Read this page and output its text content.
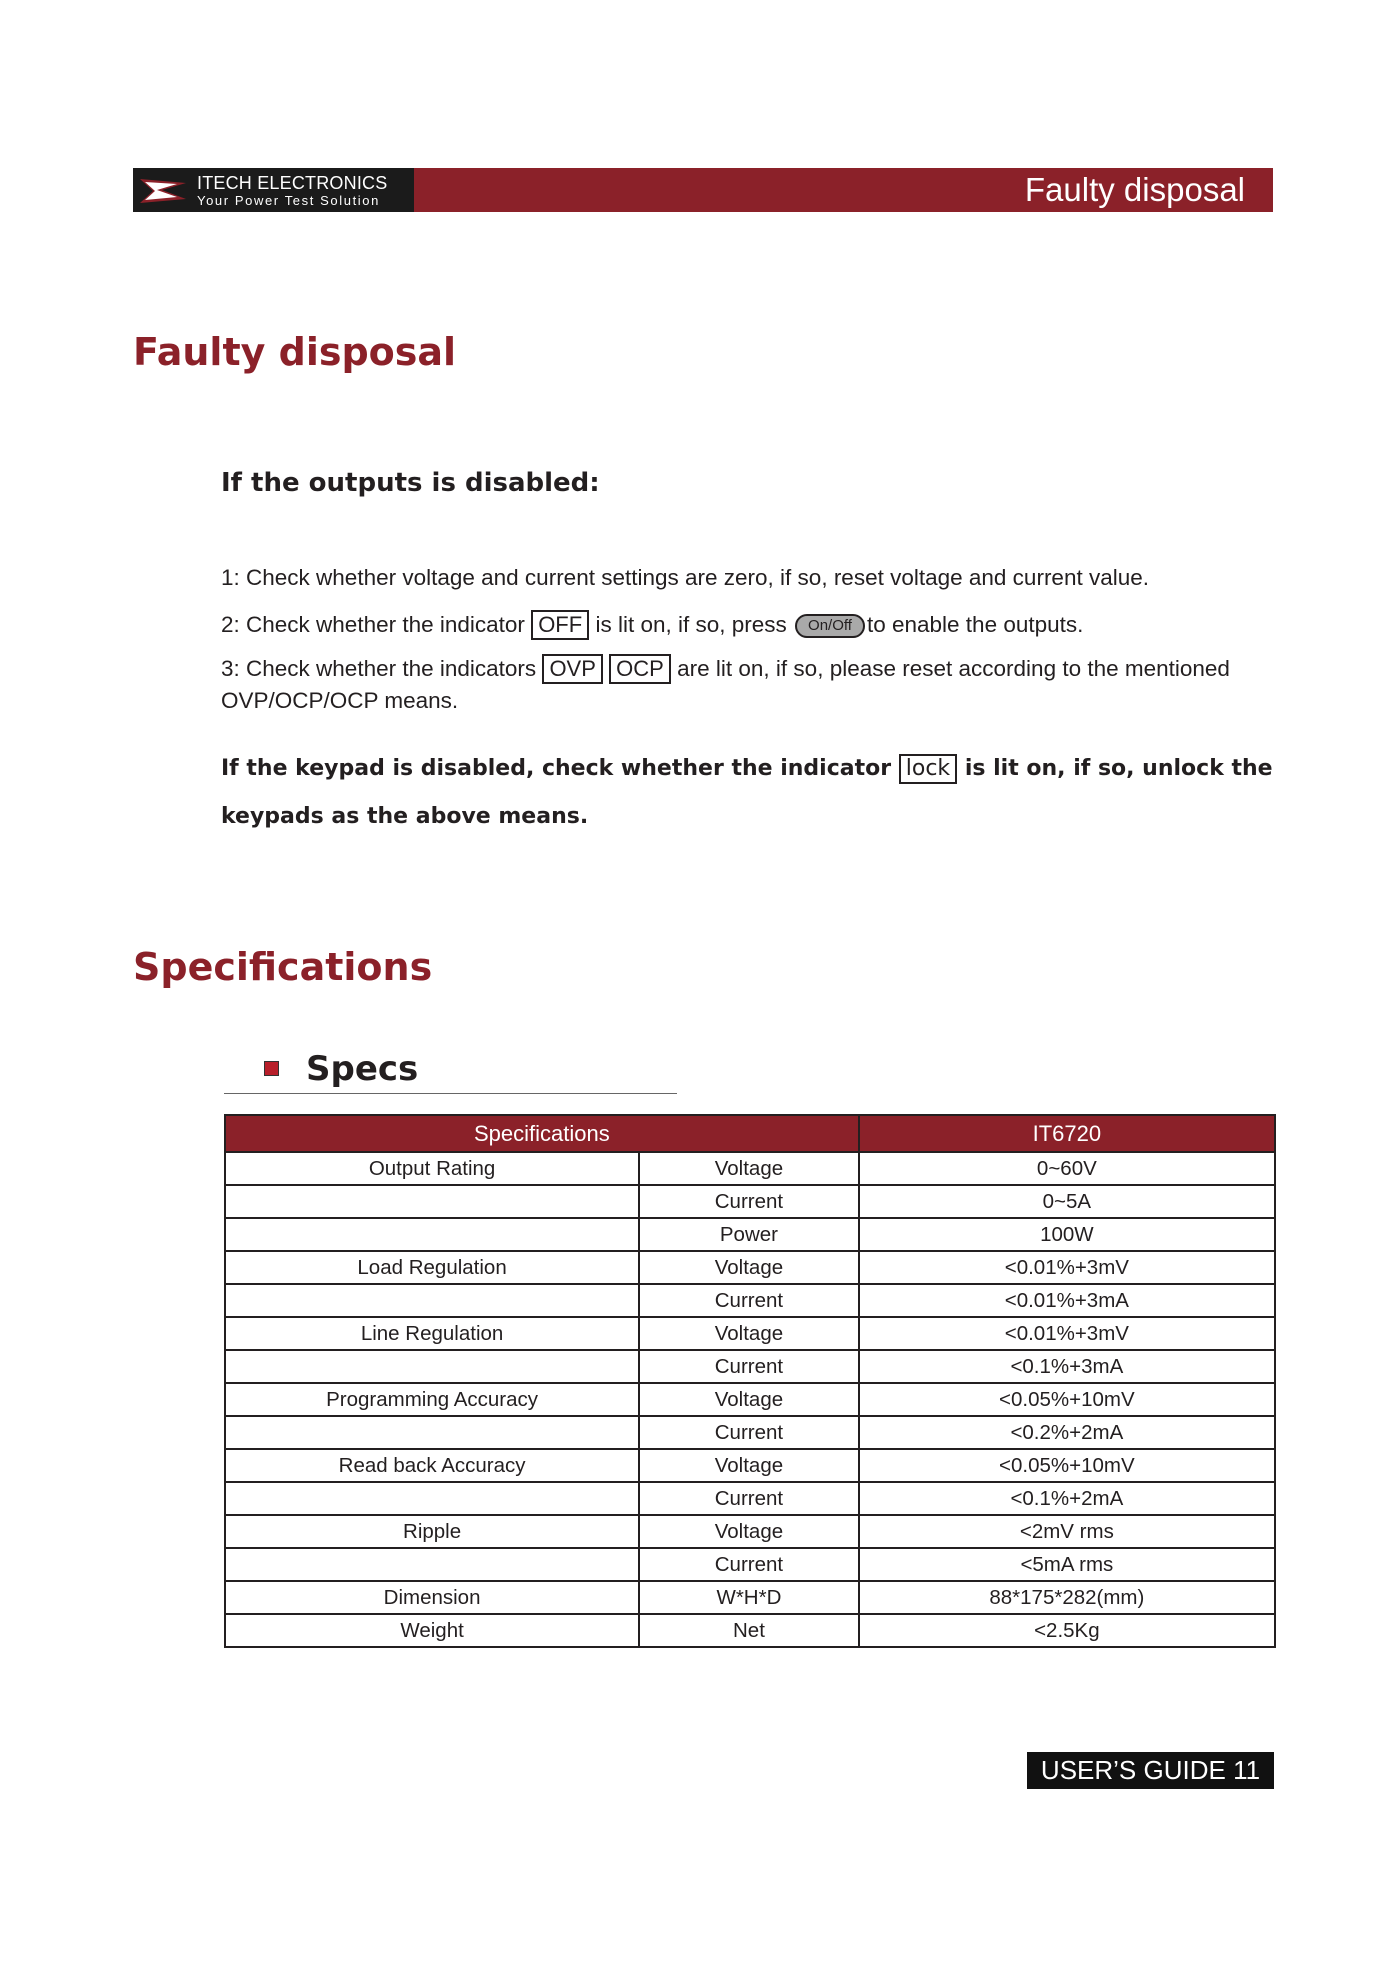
ITECH ELECTRONICS
Your Power Test Solution	Faulty disposal
Faulty disposal
If the outputs is disabled:
1: Check whether voltage and current settings are zero, if so, reset voltage and current value.
2: Check whether the indicator OFF is lit on, if so, press On/Off to enable the outputs.
3: Check whether the indicators OVP OCP are lit on, if so, please reset according to the mentioned
OVP/OCP/OCP means.
If the keypad is disabled, check whether the indicator lock is lit on, if so, unlock the
keypads as the above means.
Specifications
Specs
Specifications		IT6720
Output Rating	Voltage	0~60V
	Current	0~5A
	Power	100W
Load Regulation	Voltage	<0.01%+3mV
	Current	<0.01%+3mA
Line Regulation	Voltage	<0.01%+3mV
	Current	<0.1%+3mA
Programming Accuracy	Voltage	<0.05%+10mV
	Current	<0.2%+2mA
Read back Accuracy	Voltage	<0.05%+10mV
	Current	<0.1%+2mA
Ripple	Voltage	<2mV rms
	Current	<5mA rms
Dimension	W*H*D	88*175*282(mm)
Weight	Net	<2.5Kg
USER’S GUIDE 11
